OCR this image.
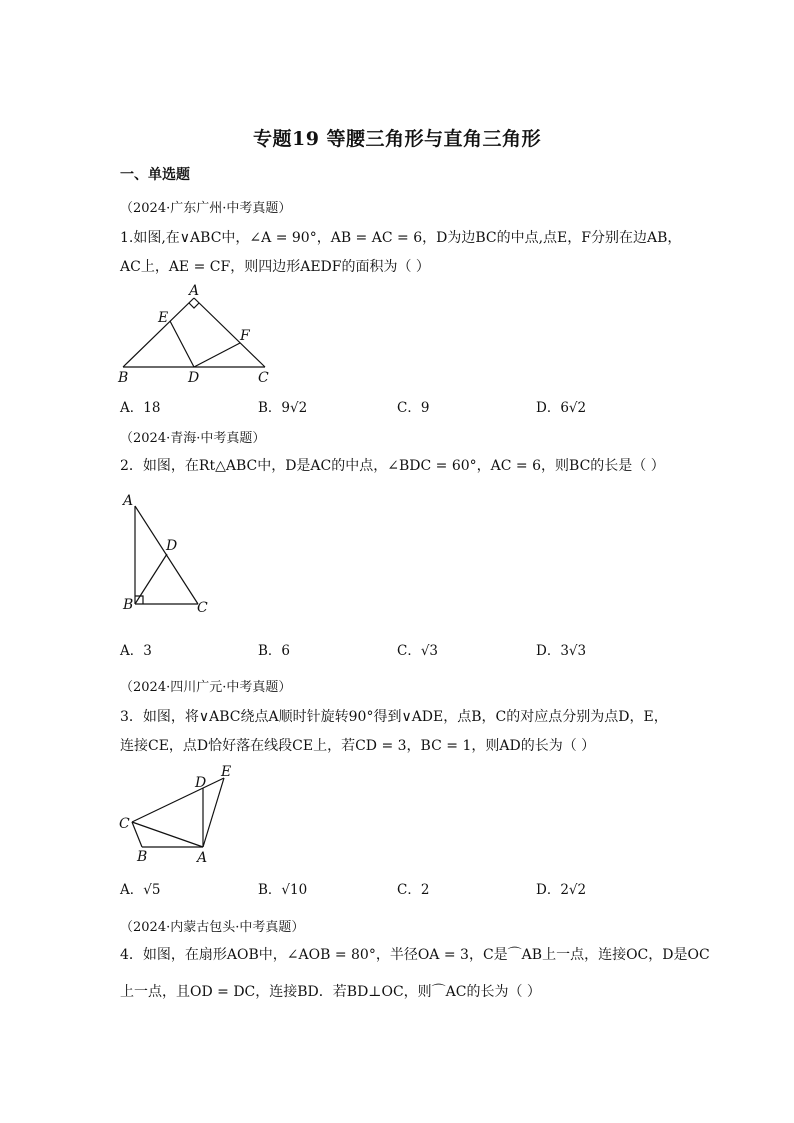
专题19 等腰三角形与直角三角形
一、单选题
（2024·广东广州·中考真题）
1.如图,在∨ABC中，∠A = 90°，AB = AC = 6，D为边BC的中点,点E，F分别在边AB，
AC上，AE = CF，则四边形AEDF的面积为（ ）
A
E
F
B	D	C
A．18	B．9√2	C．9	D．6√2
（2024·青海·中考真题）
2．如图，在Rt△ABC中，D是AC的中点，∠BDC = 60°，AC = 6，则BC的长是（ ）
A
D
B	C
A．3	B．6	C．√3	D．3√3
（2024·四川广元·中考真题）
3．如图，将∨ABC绕点A顺时针旋转90°得到∨ADE，点B，C的对应点分别为点D，E，
连接CE，点D恰好落在线段CE上，若CD = 3，BC = 1，则AD的长为（ ）
D
E
C
B	A
A．√5	B．√10	C．2	D．2√2
（2024·内蒙古包头·中考真题）
4．如图，在扇形AOB中，∠AOB = 80°，半径OA = 3，C是⌒AB上一点，连接OC，D是OC
上一点，且OD = DC，连接BD．若BD⊥OC，则⌒AC的长为（ ）
